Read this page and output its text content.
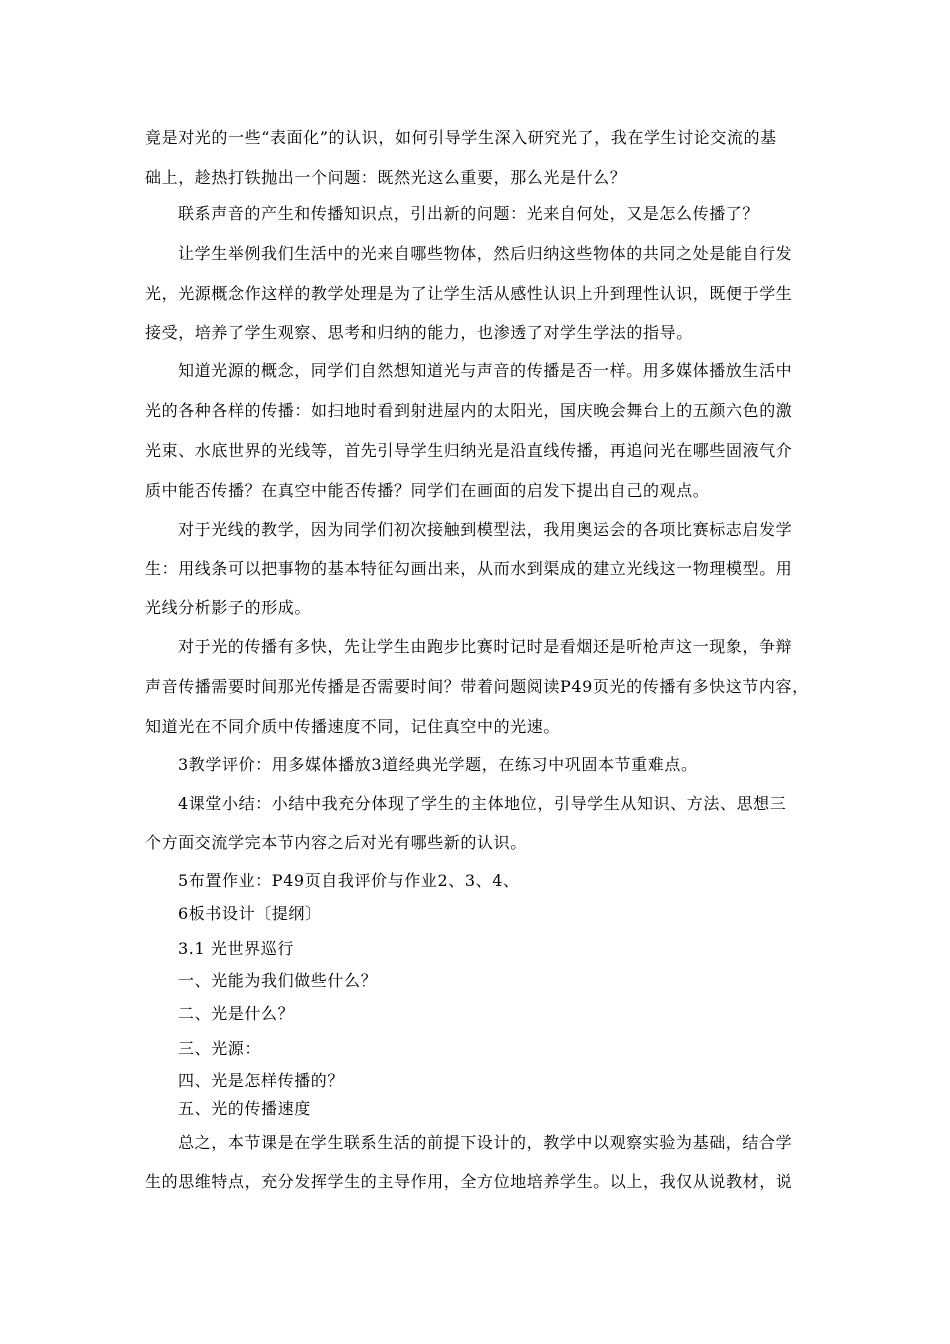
竟是对光的一些“表面化”的认识，如何引导学生深入研究光了，我在学生讨论交流的基
础上，趁热打铁抛出一个问题：既然光这么重要，那么光是什么？
联系声音的产生和传播知识点，引出新的问题：光来自何处，又是怎么传播了？
让学生举例我们生活中的光来自哪些物体，然后归纳这些物体的共同之处是能自行发
光，光源概念作这样的教学处理是为了让学生活从感性认识上升到理性认识，既便于学生
接受，培养了学生观察、思考和归纳的能力，也渗透了对学生学法的指导。
知道光源的概念，同学们自然想知道光与声音的传播是否一样。用多媒体播放生活中
光的各种各样的传播：如扫地时看到射进屋内的太阳光，国庆晚会舞台上的五颜六色的激
光束、水底世界的光线等，首先引导学生归纳光是沿直线传播，再追问光在哪些固液气介
质中能否传播？在真空中能否传播？同学们在画面的启发下提出自己的观点。
对于光线的教学，因为同学们初次接触到模型法，我用奥运会的各项比赛标志启发学
生：用线条可以把事物的基本特征勾画出来，从而水到渠成的建立光线这一物理模型。用
光线分析影子的形成。
对于光的传播有多快，先让学生由跑步比赛时记时是看烟还是听枪声这一现象，争辩
声音传播需要时间那光传播是否需要时间？带着问题阅读P49页光的传播有多快这节内容，
知道光在不同介质中传播速度不同，记住真空中的光速。
3教学评价：用多媒体播放3道经典光学题，在练习中巩固本节重难点。
4课堂小结：小结中我充分体现了学生的主体地位，引导学生从知识、方法、思想三
个方面交流学完本节内容之后对光有哪些新的认识。
5布置作业：P49页自我评价与作业2、3、4、
6板书设计〔提纲〕
3.1 光世界巡行
一、光能为我们做些什么？
二、光是什么？
三、光源：
四、光是怎样传播的？
五、光的传播速度
总之，本节课是在学生联系生活的前提下设计的，教学中以观察实验为基础，结合学
生的思维特点，充分发挥学生的主导作用，全方位地培养学生。以上，我仅从说教材，说
